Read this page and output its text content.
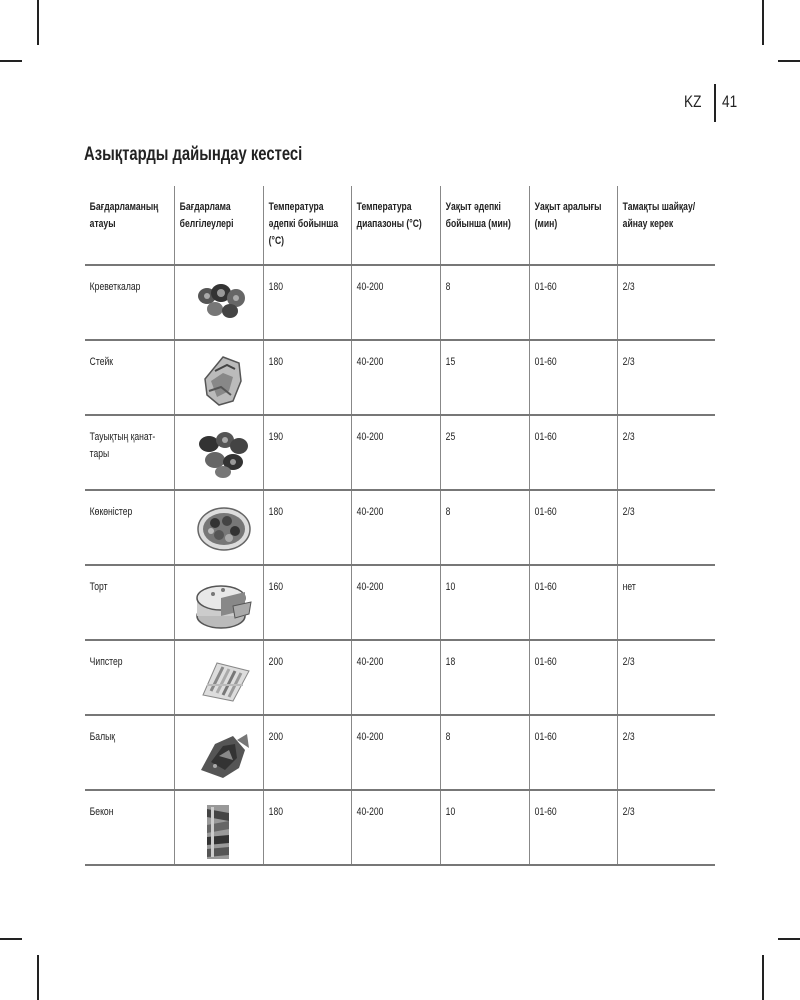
KZ 41
Азықтарды дайындау кестесі
Бағдарламаның атауы	Бағдарлама белгілеулері	Температура әдепкі бойынша (°C)	Температура диапазоны (°C)	Уақыт әдепкі бойынша (мин)	Уақыт аралығы (мин)	Тамақты шайқау/ айнау керек

Креветкалар		180	40-200	8	01-60	2/3

Стейк		180	40-200	15	01-60	2/3

Тауықтың қанат-тары		190	40-200	25	01-60	2/3

Көкөністер		180	40-200	8	01-60	2/3

Торт		160	40-200	10	01-60	нет

Чипстер		200	40-200	18	01-60	2/3

Балық		200	40-200	8	01-60	2/3

Бекон		180	40-200	10	01-60	2/3
